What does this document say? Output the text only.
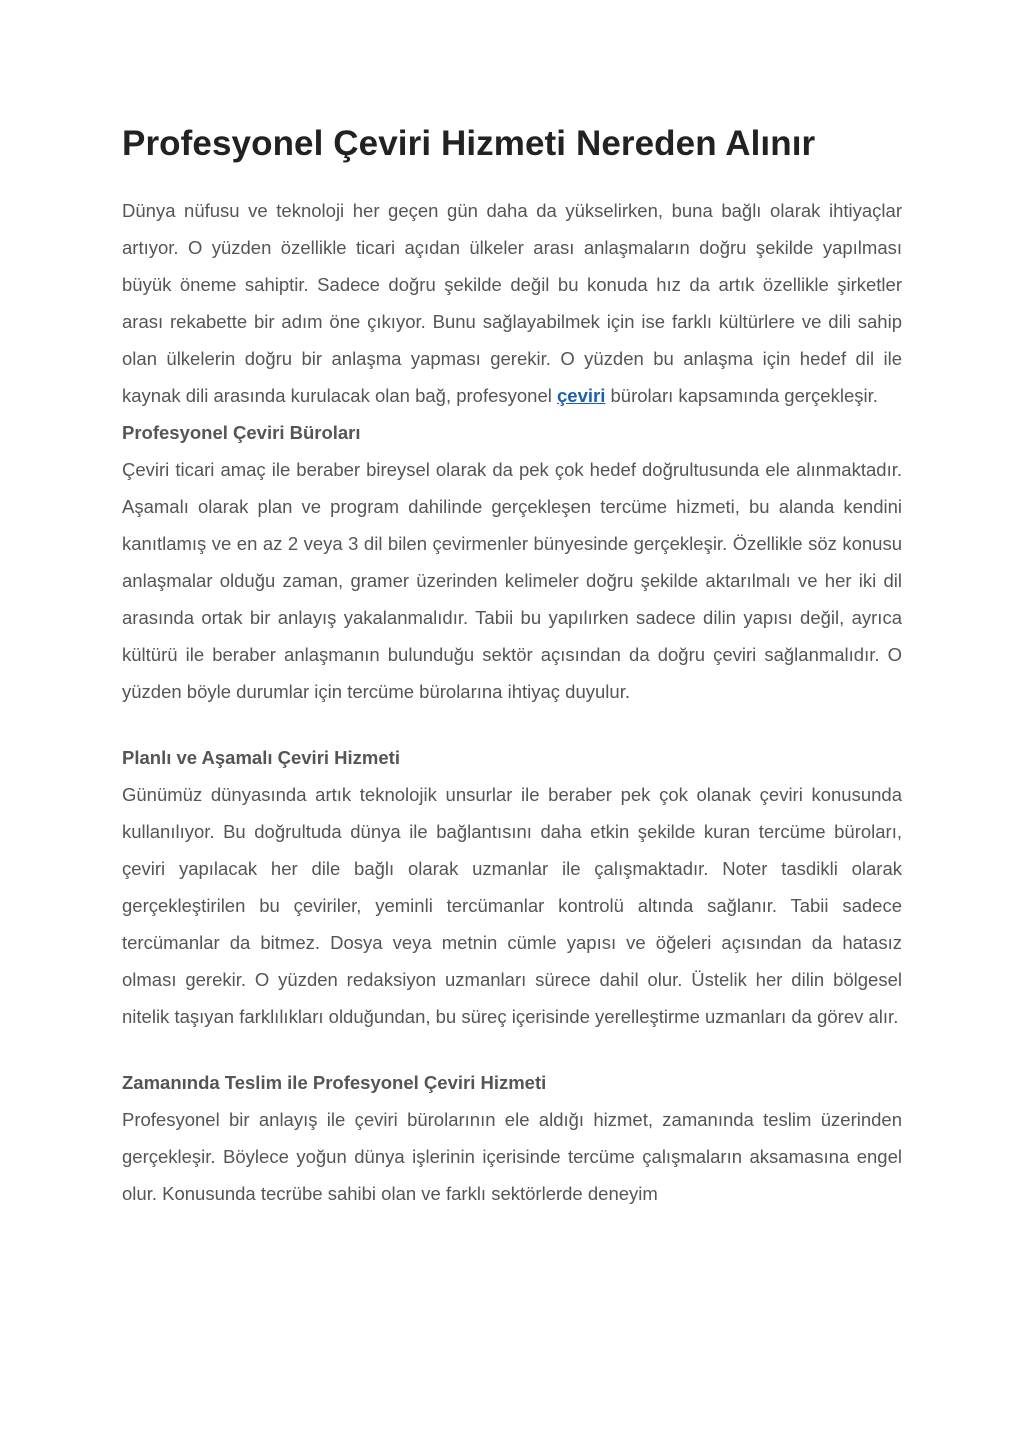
Profesyonel Çeviri Hizmeti Nereden Alınır

Dünya nüfusu ve teknoloji her geçen gün daha da yükselirken, buna bağlı olarak ihtiyaçlar artıyor. O yüzden özellikle ticari açıdan ülkeler arası anlaşmaların doğru şekilde yapılması büyük öneme sahiptir. Sadece doğru şekilde değil bu konuda hız da artık özellikle şirketler arası rekabette bir adım öne çıkıyor. Bunu sağlayabilmek için ise farklı kültürlere ve dili sahip olan ülkelerin doğru bir anlaşma yapması gerekir. O yüzden bu anlaşma için hedef dil ile kaynak dili arasında kurulacak olan bağ, profesyonel çeviri büroları kapsamında gerçekleşir.

Profesyonel Çeviri Büroları

Çeviri ticari amaç ile beraber bireysel olarak da pek çok hedef doğrultusunda ele alınmaktadır. Aşamalı olarak plan ve program dahilinde gerçekleşen tercüme hizmeti, bu alanda kendini kanıtlamış ve en az 2 veya 3 dil bilen çevirmenler bünyesinde gerçekleşir. Özellikle söz konusu anlaşmalar olduğu zaman, gramer üzerinden kelimeler doğru şekilde aktarılmalı ve her iki dil arasında ortak bir anlayış yakalanmalıdır. Tabii bu yapılırken sadece dilin yapısı değil, ayrıca kültürü ile beraber anlaşmanın bulunduğu sektör açısından da doğru çeviri sağlanmalıdır. O yüzden böyle durumlar için tercüme bürolarına ihtiyaç duyulur.

Planlı ve Aşamalı Çeviri Hizmeti

Günümüz dünyasında artık teknolojik unsurlar ile beraber pek çok olanak çeviri konusunda kullanılıyor. Bu doğrultuda dünya ile bağlantısını daha etkin şekilde kuran tercüme büroları, çeviri yapılacak her dile bağlı olarak uzmanlar ile çalışmaktadır. Noter tasdikli olarak gerçekleştirilen bu çeviriler, yeminli tercümanlar kontrolü altında sağlanır. Tabii sadece tercümanlar da bitmez. Dosya veya metnin cümle yapısı ve öğeleri açısından da hatasız olması gerekir. O yüzden redaksiyon uzmanları sürece dahil olur. Üstelik her dilin bölgesel nitelik taşıyan farklılıkları olduğundan, bu süreç içerisinde yerelleştirme uzmanları da görev alır.

Zamanında Teslim ile Profesyonel Çeviri Hizmeti

Profesyonel bir anlayış ile çeviri bürolarının ele aldığı hizmet, zamanında teslim üzerinden gerçekleşir. Böylece yoğun dünya işlerinin içerisinde tercüme çalışmaların aksamasına engel olur. Konusunda tecrübe sahibi olan ve farklı sektörlerde deneyim
